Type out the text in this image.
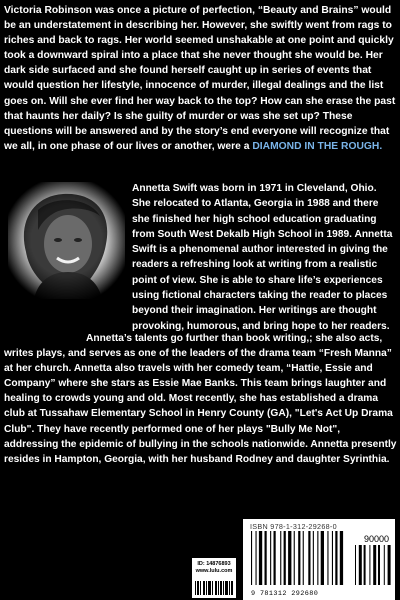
Victoria Robinson was once a picture of perfection, “Beauty and Brains” would be an understatement in describing her. However, she swiftly went from rags to riches and back to rags. Her world seemed unshakable at one point and quickly took a downward spiral into a place that she never thought she would be. Her dark side surfaced and she found herself caught up in series of events that would question her lifestyle, innocence of murder, illegal dealings and the list goes on. Will she ever find her way back to the top? How can she erase the past that haunts her daily? Is she guilty of murder or was she set up? These questions will be answered and by the story’s end everyone will recognize that we all, in one phase of our lives or another, were a DIAMOND IN THE ROUGH.

Annetta Swift was born in 1971 in Cleveland, Ohio. She relocated to Atlanta, Georgia in 1988 and there she finished her high school education graduating from South West Dekalb High School in 1989. Annetta Swift is a phenomenal author interested in giving the readers a refreshing look at writing from a realistic point of view. She is able to share life’s experiences using fictional characters taking the reader to places beyond their imagination. Her writings are thought provoking, humorous, and bring hope to her readers.

Annetta’s talents go further than book writing,; she also acts, writes plays, and serves as one of the leaders of the drama team “Fresh Manna” at her church. Annetta also travels with her comedy team, “Hattie, Essie and Company” where she stars as Essie Mae Banks. This team brings laughter and healing to crowds young and old. Most recently, she has established a drama club at Tussahaw Elementary School in Henry County (GA), "Let's Act Up Drama Club". They have recently performed one of her plays "Bully Me Not", addressing the epidemic of bullying in the schools nationwide. Annetta presently resides in Hampton, Georgia, with her husband Rodney and daughter Syrinthia.

ID: 14876893
www.lulu.com
ISBN 978-1-312-29268-0
90000
9 781312 292680
